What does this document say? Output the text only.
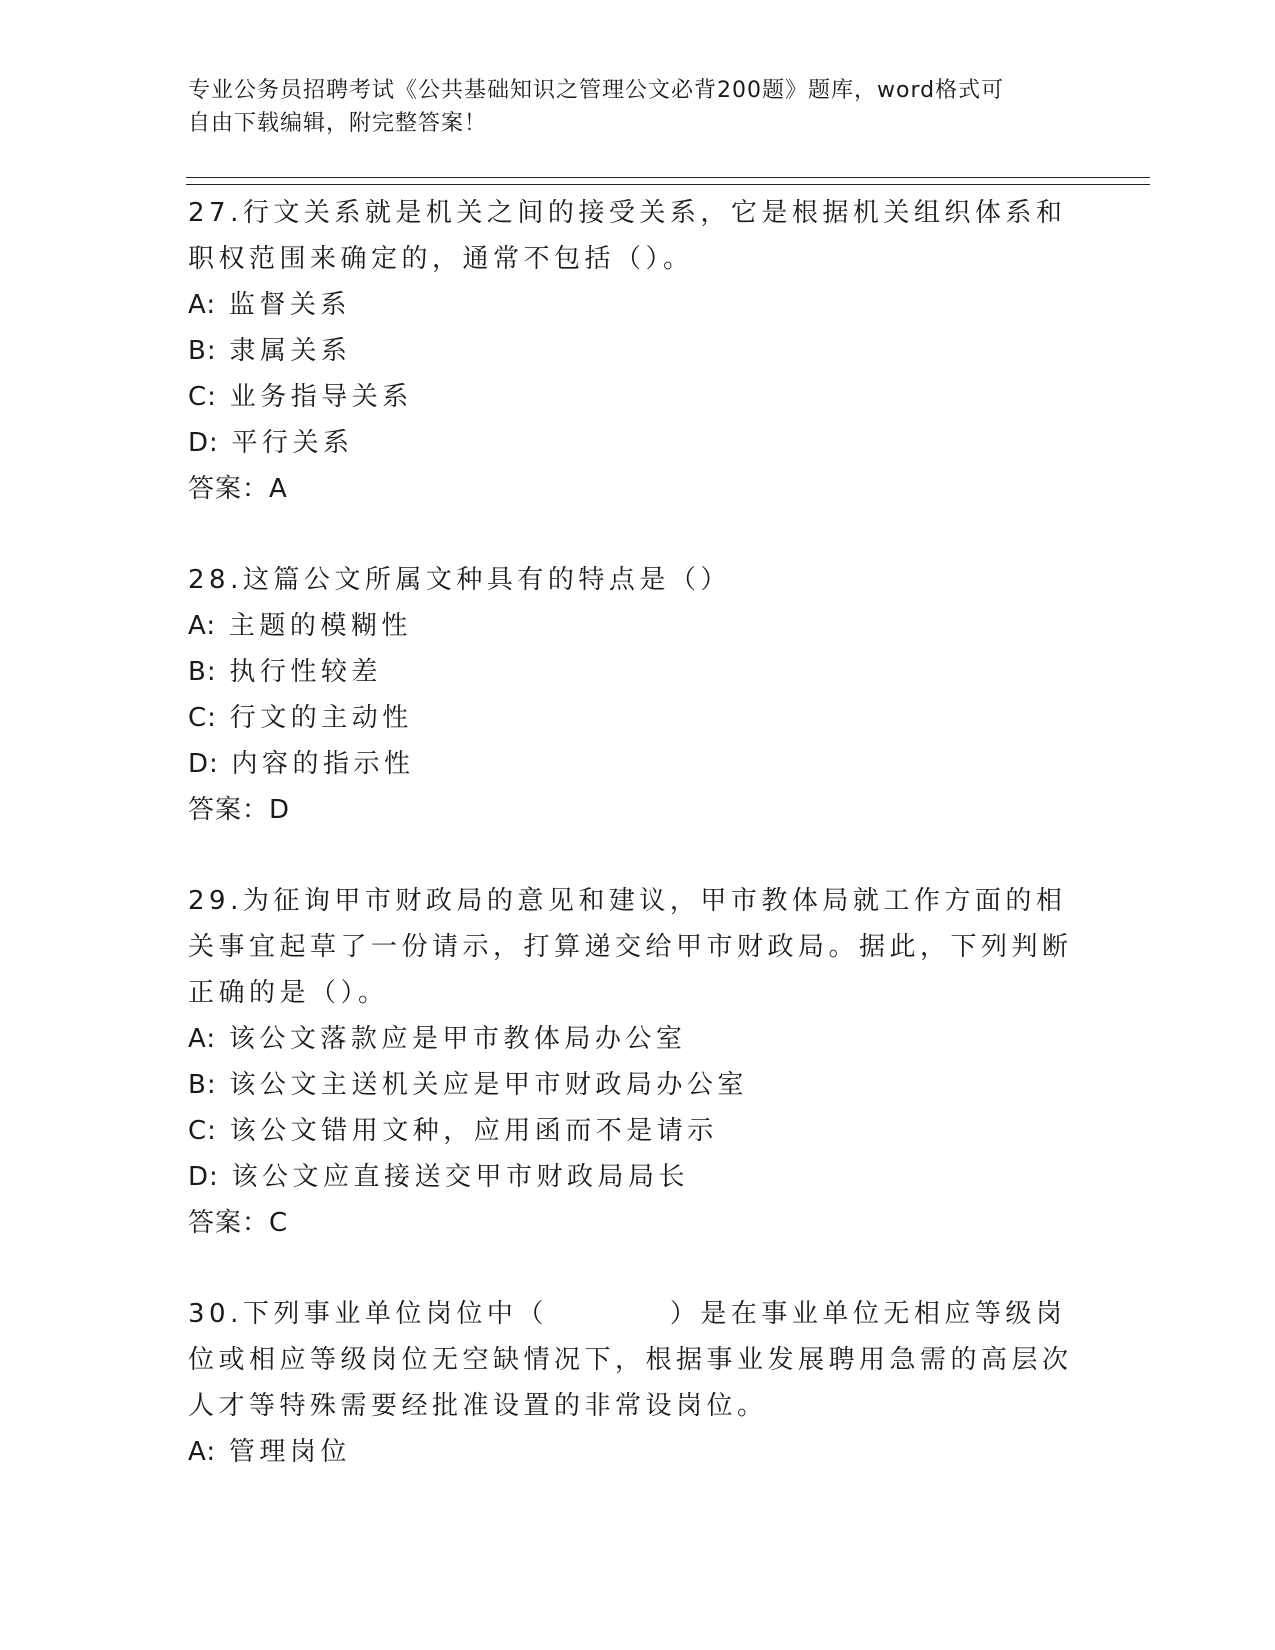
专业公务员招聘考试《公共基础知识之管理公文必背200题》题库，word格式可
自由下载编辑，附完整答案！

27.行文关系就是机关之间的接受关系，它是根据机关组织体系和职权范围来确定的，通常不包括（）。

A: 监督关系

B: 隶属关系

C: 业务指导关系

D: 平行关系

答案：A

28.这篇公文所属文种具有的特点是（）

A: 主题的模糊性

B: 执行性较差

C: 行文的主动性

D: 内容的指示性

答案：D

29.为征询甲市财政局的意见和建议，甲市教体局就工作方面的相关事宜起草了一份请示，打算递交给甲市财政局。据此，下列判断正确的是（）。

A: 该公文落款应是甲市教体局办公室

B: 该公文主送机关应是甲市财政局办公室

C: 该公文错用文种，应用函而不是请示

D: 该公文应直接送交甲市财政局局长

答案：C

30.下列事业单位岗位中（　　　　）是在事业单位无相应等级岗位或相应等级岗位无空缺情况下，根据事业发展聘用急需的高层次人才等特殊需要经批准设置的非常设岗位。

A: 管理岗位
